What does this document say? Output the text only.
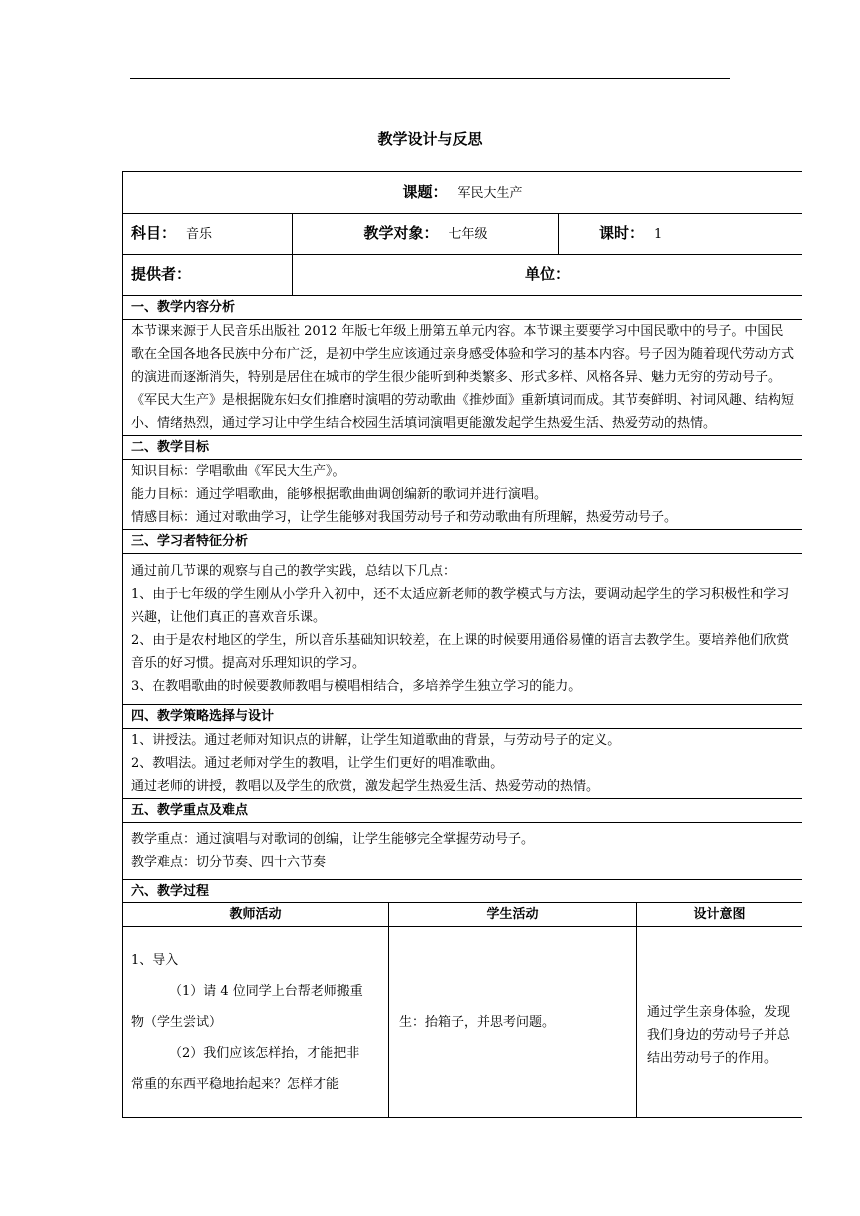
教学设计与反思
课题： 军民大生产		
科目： 音乐	教学对象： 七年级	课时： 1
提供者：	单位：	
一、教学内容分析		

本节课来源于人民音乐出版社 2012 年版七年级上册第五单元内容。本节课主要要学习中国民歌中的号子。中国民歌在全国各地各民族中分布广泛，是初中学生应该通过亲身感受体验和学习的基本内容。号子因为随着现代劳动方式的演进而逐渐消失，特别是居住在城市的学生很少能听到种类繁多、形式多样、风格各异、魅力无穷的劳动号子。《军民大生产》是根据陇东妇女们推磨时演唱的劳动歌曲《推炒面》重新填词而成。其节奏鲜明、衬词风趣、结构短小、情绪热烈，通过学习让中学生结合校园生活填词演唱更能激发起学生热爱生活、热爱劳动的热情。		

二、教学目标		

知识目标：学唱歌曲《军民大生产》。

能力目标：通过学唱歌曲，能够根据歌曲曲调创编新的歌词并进行演唱。

情感目标：通过对歌曲学习，让学生能够对我国劳动号子和劳动歌曲有所理解，热爱劳动号子。		

三、学习者特征分析		

通过前几节课的观察与自己的教学实践，总结以下几点：

1、由于七年级的学生刚从小学升入初中，还不太适应新老师的教学模式与方法，要调动起学生的学习积极性和学习兴趣，让他们真正的喜欢音乐课。

2、由于是农村地区的学生，所以音乐基础知识较差，在上课的时候要用通俗易懂的语言去教学生。要培养他们欣赏音乐的好习惯。提高对乐理知识的学习。

3、在教唱歌曲的时候要教师教唱与模唱相结合，多培养学生独立学习的能力。		

四、教学策略选择与设计		

1、讲授法。通过老师对知识点的讲解，让学生知道歌曲的背景，与劳动号子的定义。

2、教唱法。通过老师对学生的教唱，让学生们更好的唱准歌曲。

通过老师的讲授，教唱以及学生的欣赏，激发起学生热爱生活、热爱劳动的热情。		

五、教学重点及难点		

教学重点：通过演唱与对歌词的创编，让学生能够完全掌握劳动号子。

教学难点：切分节奏、四十六节奏		

六、教学过程		
教师活动	学生活动	设计意图

1、导入

（1）请 4 位同学上台帮老师搬重

物（学生尝试）

（2）我们应该怎样抬，才能把非

常重的东西平稳地抬起来？怎样才能	生：抬箱子，并思考问题。	通过学生亲身体验，发现我们身边的劳动号子并总结出劳动号子的作用。
